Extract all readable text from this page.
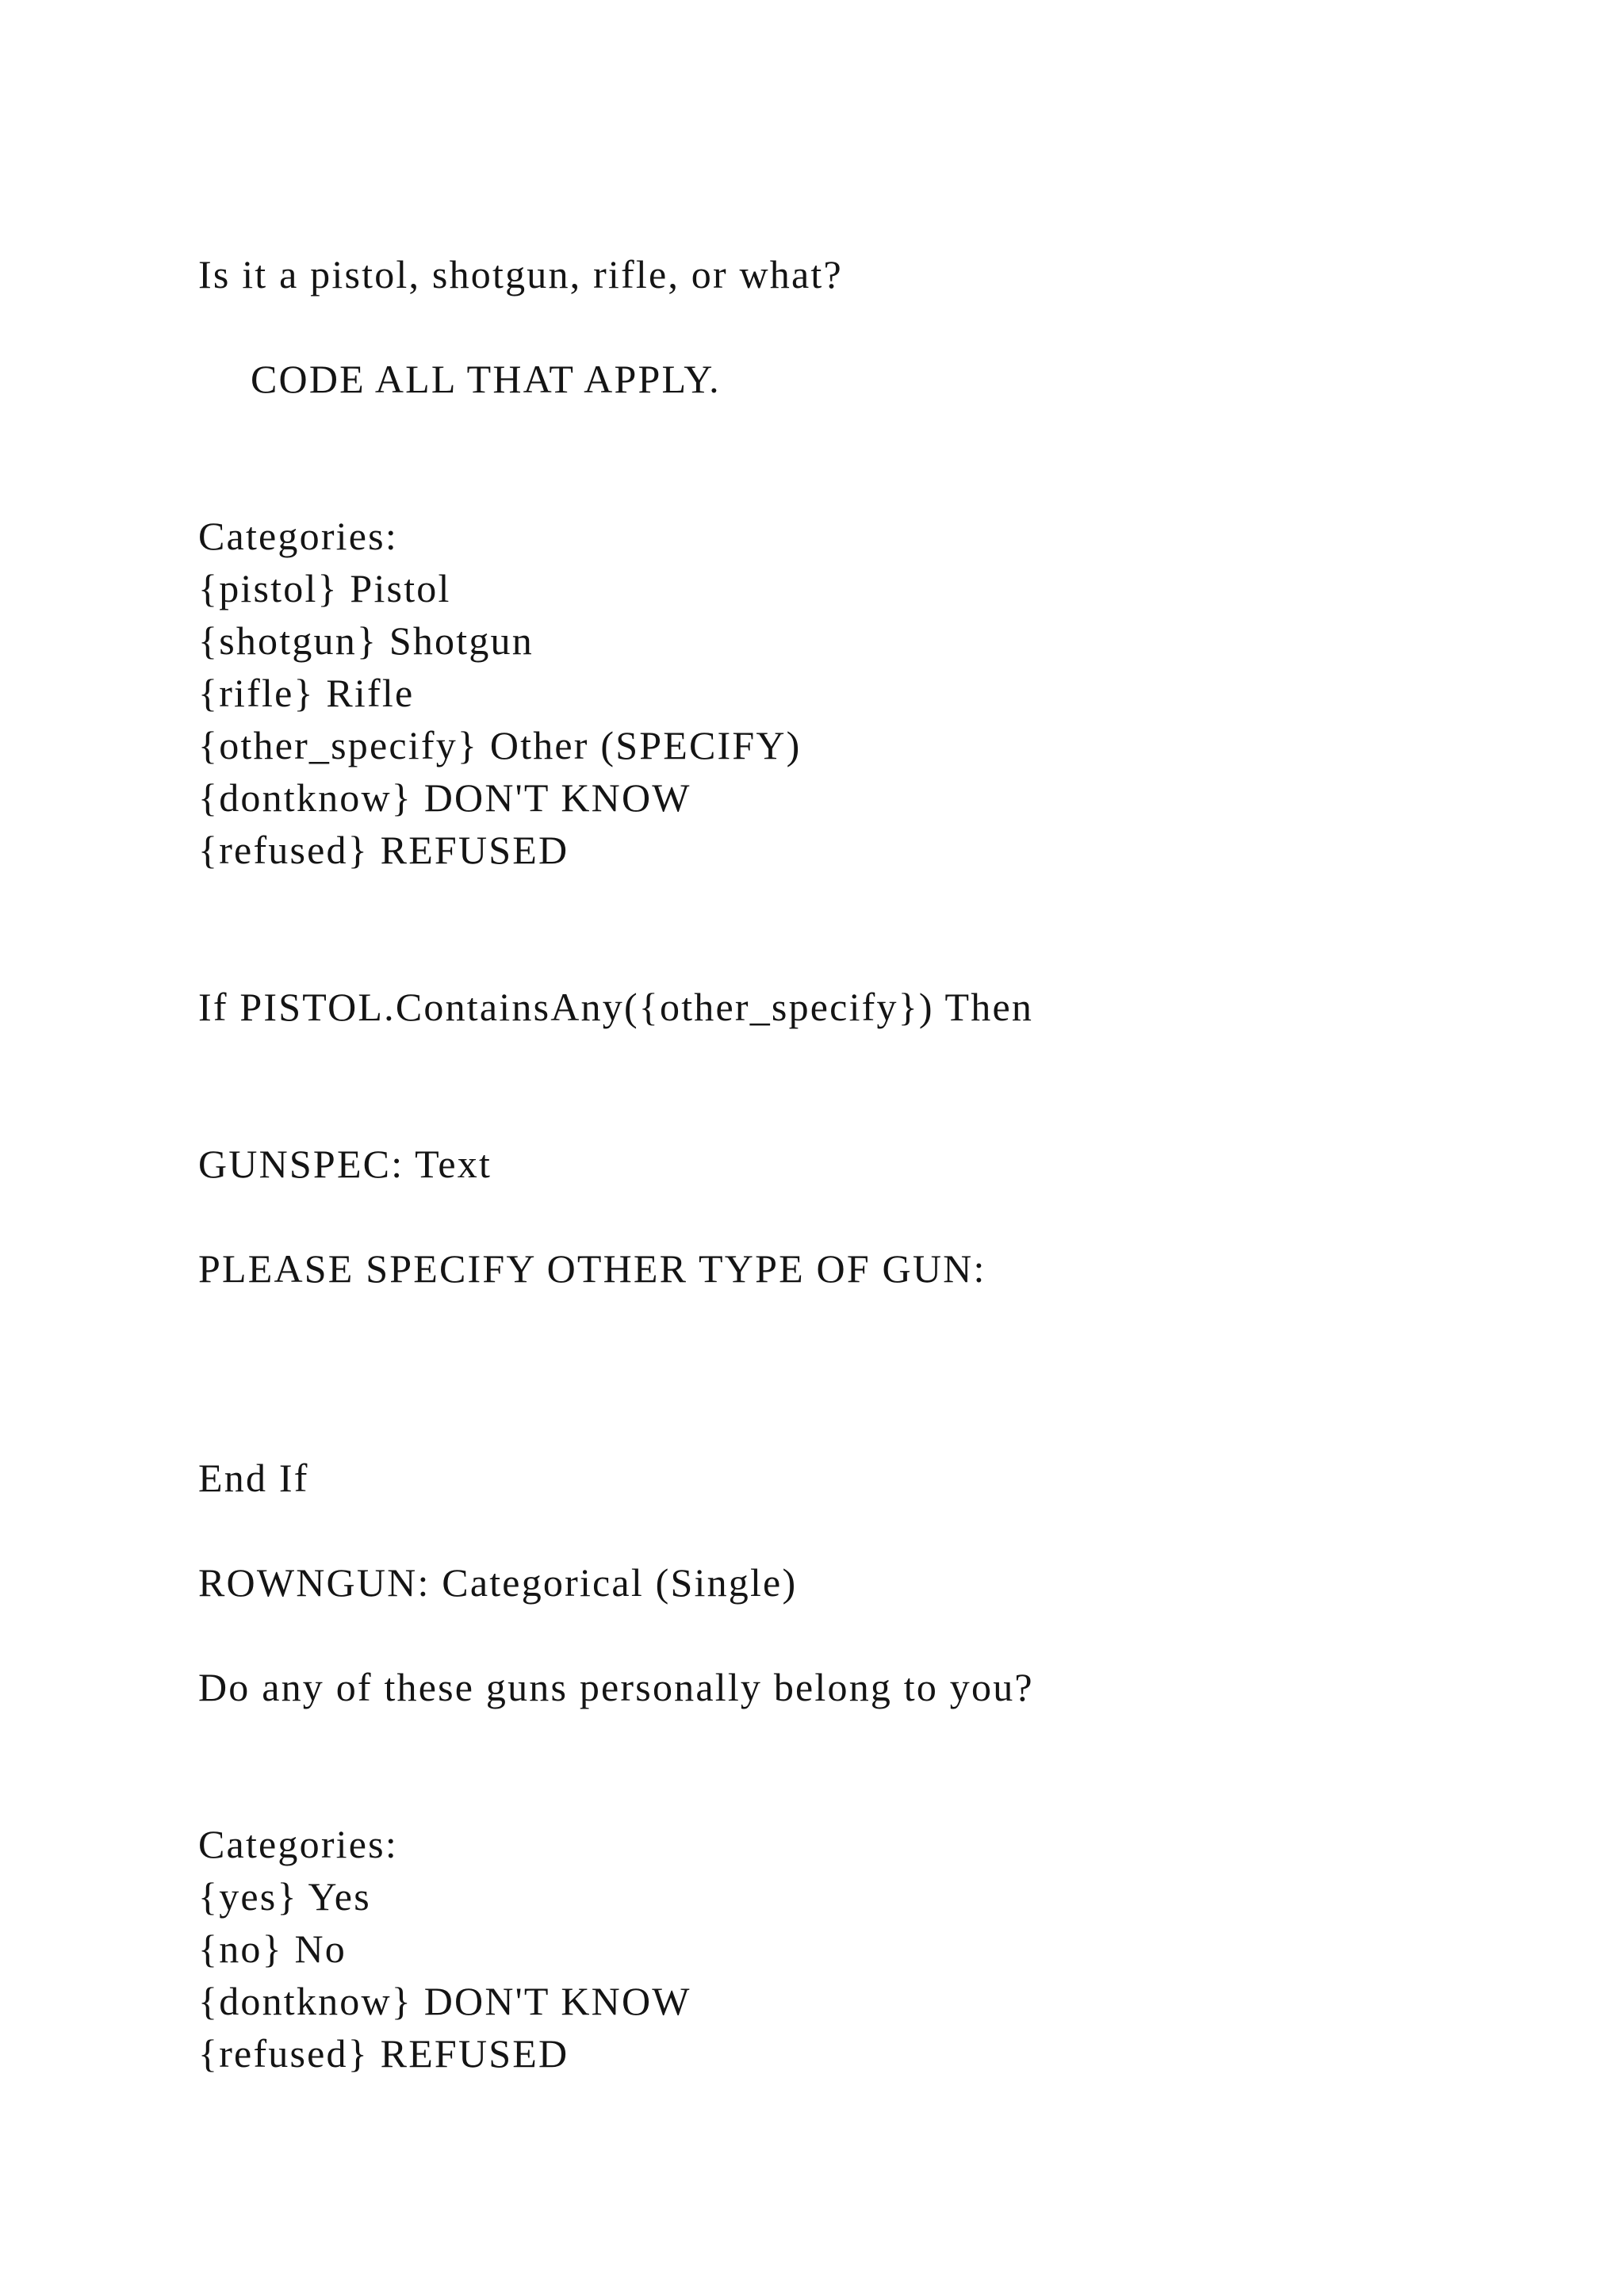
Is it a pistol, shotgun, rifle, or what?

CODE ALL THAT APPLY.

Categories:

{pistol} Pistol

{shotgun} Shotgun

{rifle} Rifle

{other_specify} Other (SPECIFY)

{dontknow} DON'T KNOW

{refused} REFUSED

If PISTOL.ContainsAny({other_specify}) Then

GUNSPEC: Text

PLEASE SPECIFY OTHER TYPE OF GUN:

End If

ROWNGUN: Categorical (Single)

Do any of these guns personally belong to you?

Categories:

{yes} Yes

{no} No

{dontknow} DON'T KNOW

{refused} REFUSED
